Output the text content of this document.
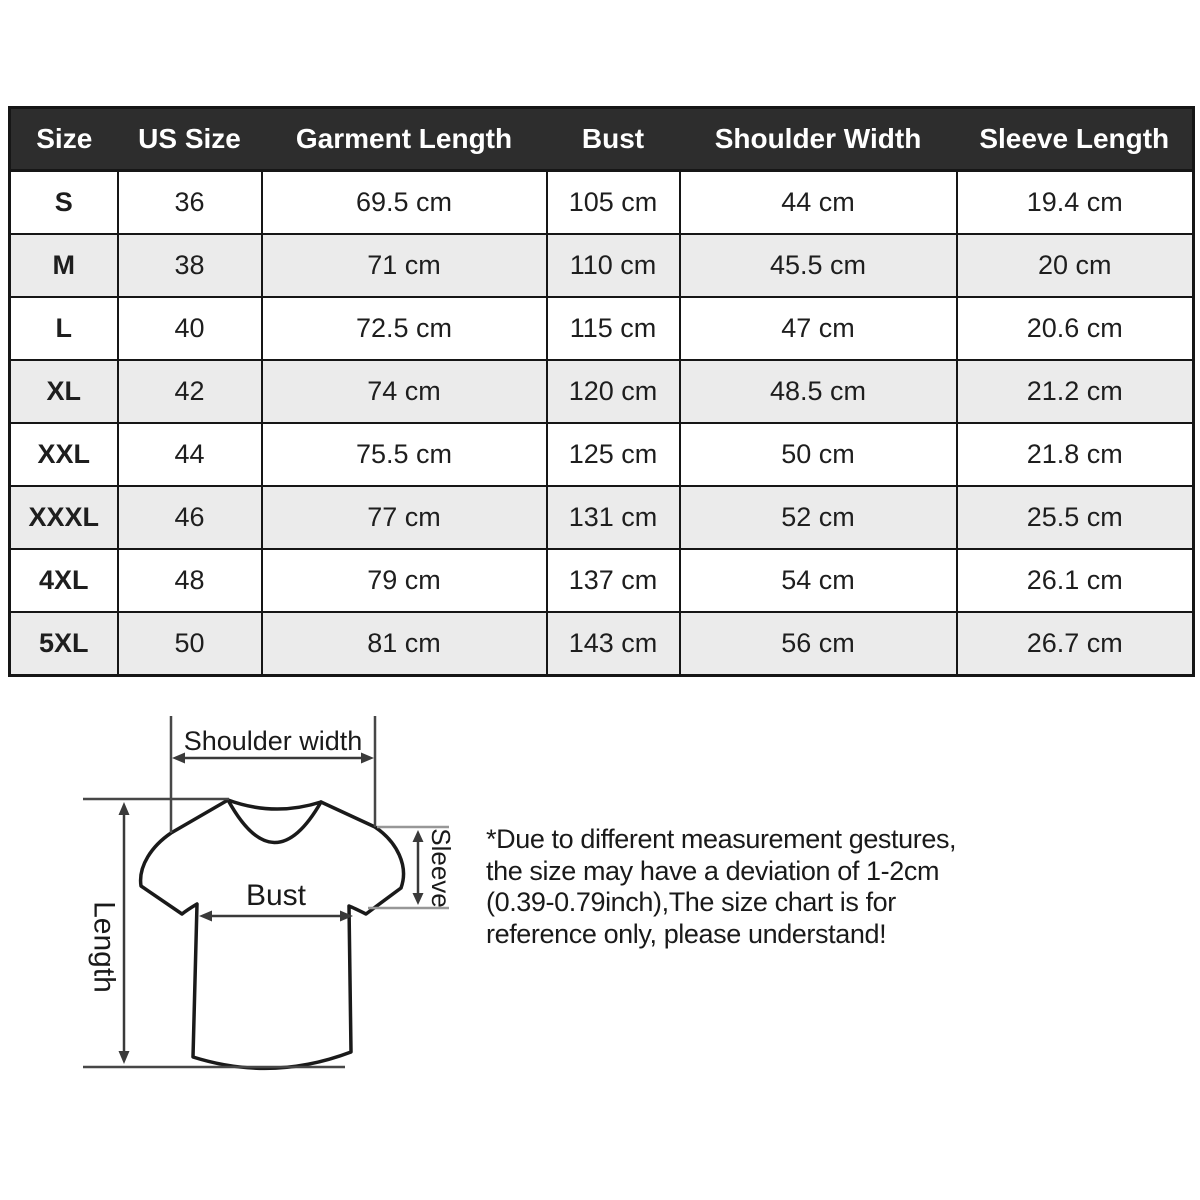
Size	US Size	Garment Length	Bust	Shoulder Width	Sleeve Length
S	36	69.5 cm	105 cm	44 cm	19.4 cm
M	38	71 cm	110 cm	45.5 cm	20 cm
L	40	72.5 cm	115 cm	47 cm	20.6 cm
XL	42	74 cm	120 cm	48.5 cm	21.2 cm
XXL	44	75.5 cm	125 cm	50 cm	21.8 cm
XXXL	46	77 cm	131 cm	52 cm	25.5 cm
4XL	48	79 cm	137 cm	54 cm	26.1 cm
5XL	50	81 cm	143 cm	56 cm	26.7 cm
Shoulder width
Length
Bust	Sleeve *Due to different measurement gestures,
the size may have a deviation of 1-2cm
(0.39-0.79inch),The size chart is for
reference only, please understand!
